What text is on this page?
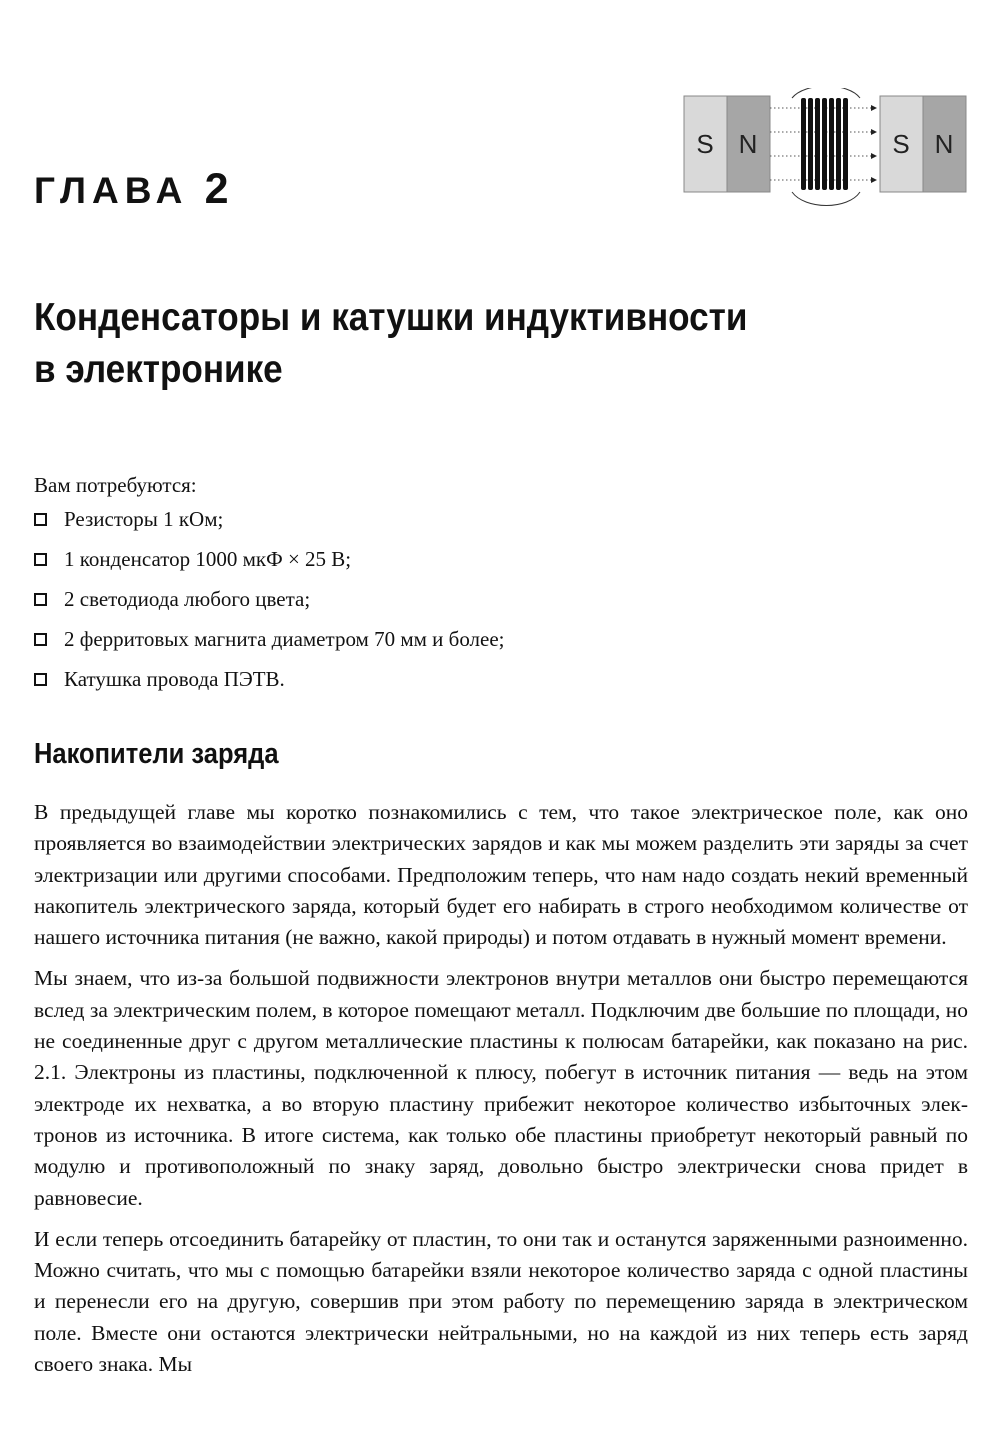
ГЛАВА 2
S N	S N
Конденсаторы и катушки индуктивности
в электронике

Вам потребуются:

Резисторы 1 кОм;
1 конденсатор 1000 мкФ × 25 В;
2 светодиода любого цвета;
2 ферритовых магнита диаметром 70 мм и более;
Катушка провода ПЭТВ.
Накопители заряда

В предыдущей главе мы коротко познакомились с тем, что такое электрическое поле, как оно проявляется во взаимодействии электрических зарядов и как мы можем разделить эти заряды за счет электризации или другими способами. Предположим теперь, что нам надо создать некий временный накопитель электрического заряда, который будет его набирать в строго необходимом количестве от нашего источника питания (не важно, какой природы) и потом отдавать в нужный момент времени.

Мы знаем, что из-за большой подвижности электронов внутри металлов они быстро перемещаются вслед за электрическим полем, в которое помещают металл. Подключим две большие по площади, но не соединенные друг с другом металлические пластины к полюсам батарейки, как показано на рис. 2.1. Электроны из пластины, подключенной к плюсу, побегут в источник питания — ведь на этом электроде их нехватка, а во вторую пластину прибежит некоторое количество избыточных электронов из источника. В итоге система, как только обе пластины приобретут некоторый равный по модулю и противоположный по знаку заряд, довольно быстро электрически снова придет в равновесие.

И если теперь отсоединить батарейку от пластин, то они так и останутся заряженными разноименно. Можно считать, что мы с помощью батарейки взяли некоторое количество заряда с одной пластины и перенесли его на другую, совершив при этом работу по перемещению заряда в электрическом поле. Вместе они остаются электрически нейтральными, но на каждой из них теперь есть заряд своего знака. Мы
